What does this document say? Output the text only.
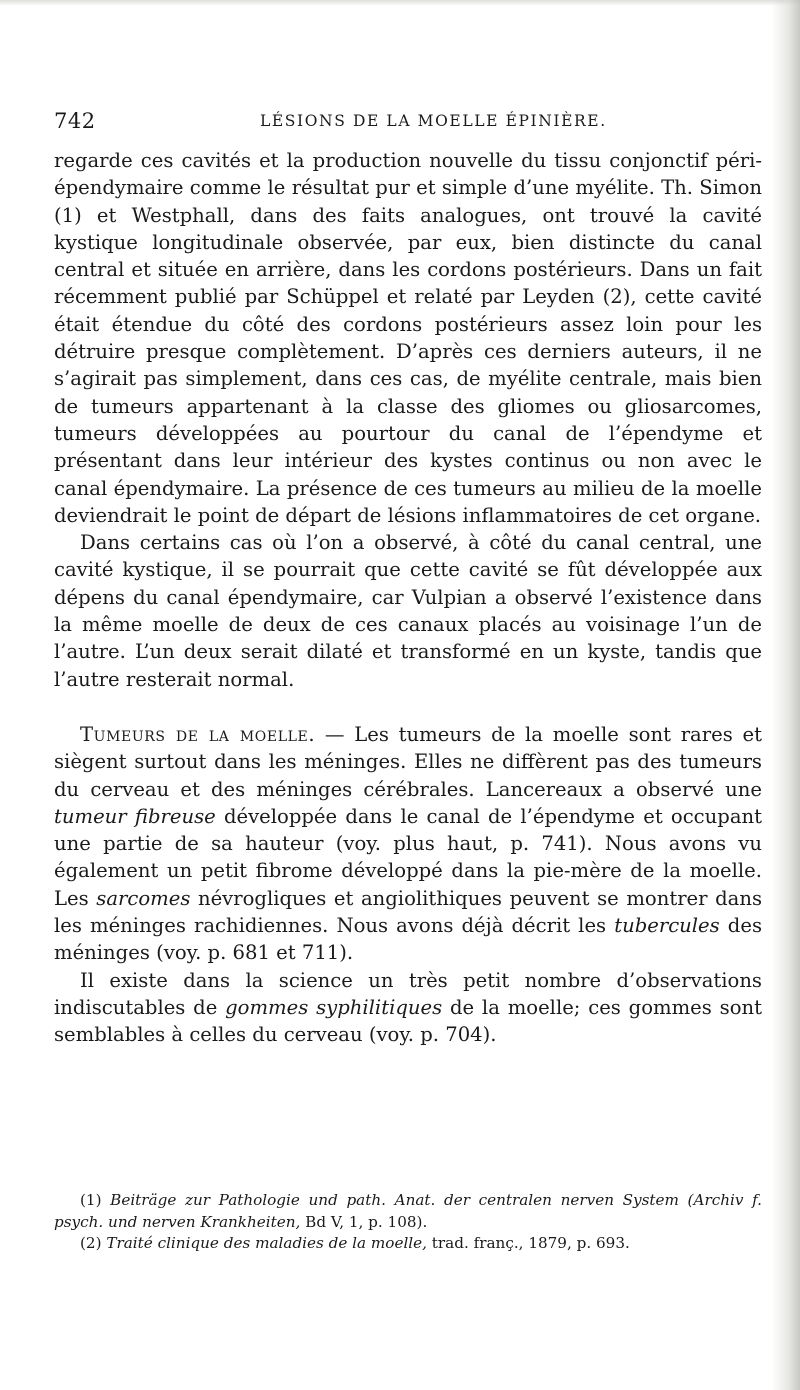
742	LÉSIONS DE LA MOELLE ÉPINIÈRE.

regarde ces cavités et la production nouvelle du tissu conjonctif péri-épendymaire comme le résultat pur et simple d’une myélite. Th. Simon (1) et Westphall, dans des faits analogues, ont trouvé la cavité kystique longitudinale observée, par eux, bien distincte du canal central et située en arrière, dans les cordons postérieurs. Dans un fait récemment publié par Schüppel et relaté par Leyden (2), cette cavité était étendue du côté des cordons postérieurs assez loin pour les détruire presque complètement. D’après ces derniers auteurs, il ne s’agirait pas simplement, dans ces cas, de myélite centrale, mais bien de tumeurs appartenant à la classe des gliomes ou gliosarcomes, tumeurs développées au pourtour du canal de l’épendyme et présentant dans leur intérieur des kystes continus ou non avec le canal épendymaire. La présence de ces tumeurs au milieu de la moelle deviendrait le point de départ de lésions inflammatoires de cet organe.

Dans certains cas où l’on a observé, à côté du canal central, une cavité kystique, il se pourrait que cette cavité se fût développée aux dépens du canal épendymaire, car Vulpian a observé l’existence dans la même moelle de deux de ces canaux placés au voisinage l’un de l’autre. L’un deux serait dilaté et transformé en un kyste, tandis que l’autre resterait normal.

Tumeurs de la moelle. — Les tumeurs de la moelle sont rares et siègent surtout dans les méninges. Elles ne diffèrent pas des tumeurs du cerveau et des méninges cérébrales. Lancereaux a observé une tumeur fibreuse développée dans le canal de l’épendyme et occupant une partie de sa hauteur (voy. plus haut, p. 741). Nous avons vu également un petit fibrome développé dans la pie-mère de la moelle. Les sarcomes névrogliques et angiolithiques peuvent se montrer dans les méninges rachidiennes. Nous avons déjà décrit les tubercules des méninges (voy. p. 681 et 711).

Il existe dans la science un très petit nombre d’observations indiscutables de gommes syphilitiques de la moelle; ces gommes sont semblables à celles du cerveau (voy. p. 704).

(1) Beiträge zur Pathologie und path. Anat. der centralen nerven System (Archiv f. psych. und nerven Krankheiten, Bd V, 1, p. 108).

(2) Traité clinique des maladies de la moelle, trad. franç., 1879, p. 693.
